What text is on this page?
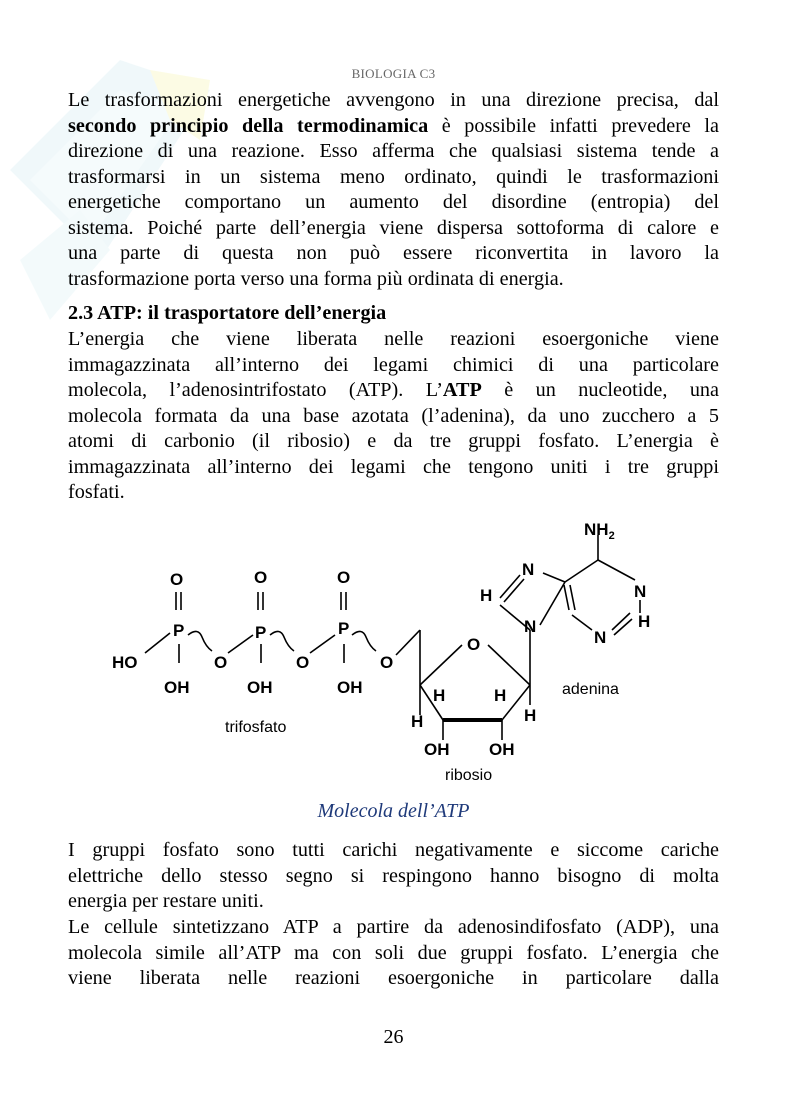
BIOLOGIA C3
Le trasformazioni energetiche avvengono in una direzione precisa, dal
secondo principio della termodinamica è possibile infatti prevedere la
direzione di una reazione. Esso afferma che qualsiasi sistema tende a
trasformarsi in un sistema meno ordinato, quindi le trasformazioni
energetiche comportano un aumento del disordine (entropia) del
sistema. Poiché parte dell’energia viene dispersa sottoforma di calore e
una parte di questa non può essere riconvertita in lavoro la
trasformazione porta verso una forma più ordinata di energia.
2.3 ATP: il trasportatore dell’energia
L’energia che viene liberata nelle reazioni esoergoniche viene
immagazzinata all’interno dei legami chimici di una particolare
molecola, l’adenosintrifostato (ATP). L’ATP è un nucleotide, una
molecola formata da una base azotata (l’adenina), da uno zucchero a 5
atomi di carbonio (il ribosio) e da tre gruppi fosfato. L’energia è
immagazzinata all’interno dei legami che tengono uniti i tre gruppi
fosfati.
O	O	O
P	P	P
HO	O	O	O
OH	OH	OH
O
H	H
H	H
OH OH
N
H
N
$NH_2$
N
H
N
trifosfato
ribosio
adenina
Molecola dell’ATP
I gruppi fosfato sono tutti carichi negativamente e siccome cariche
elettriche dello stesso segno si respingono hanno bisogno di molta
energia per restare uniti.
Le cellule sintetizzano ATP a partire da adenosindifosfato (ADP), una
molecola simile all’ATP ma con soli due gruppi fosfato. L’energia che
viene liberata nelle reazioni esoergoniche in particolare dalla
26
